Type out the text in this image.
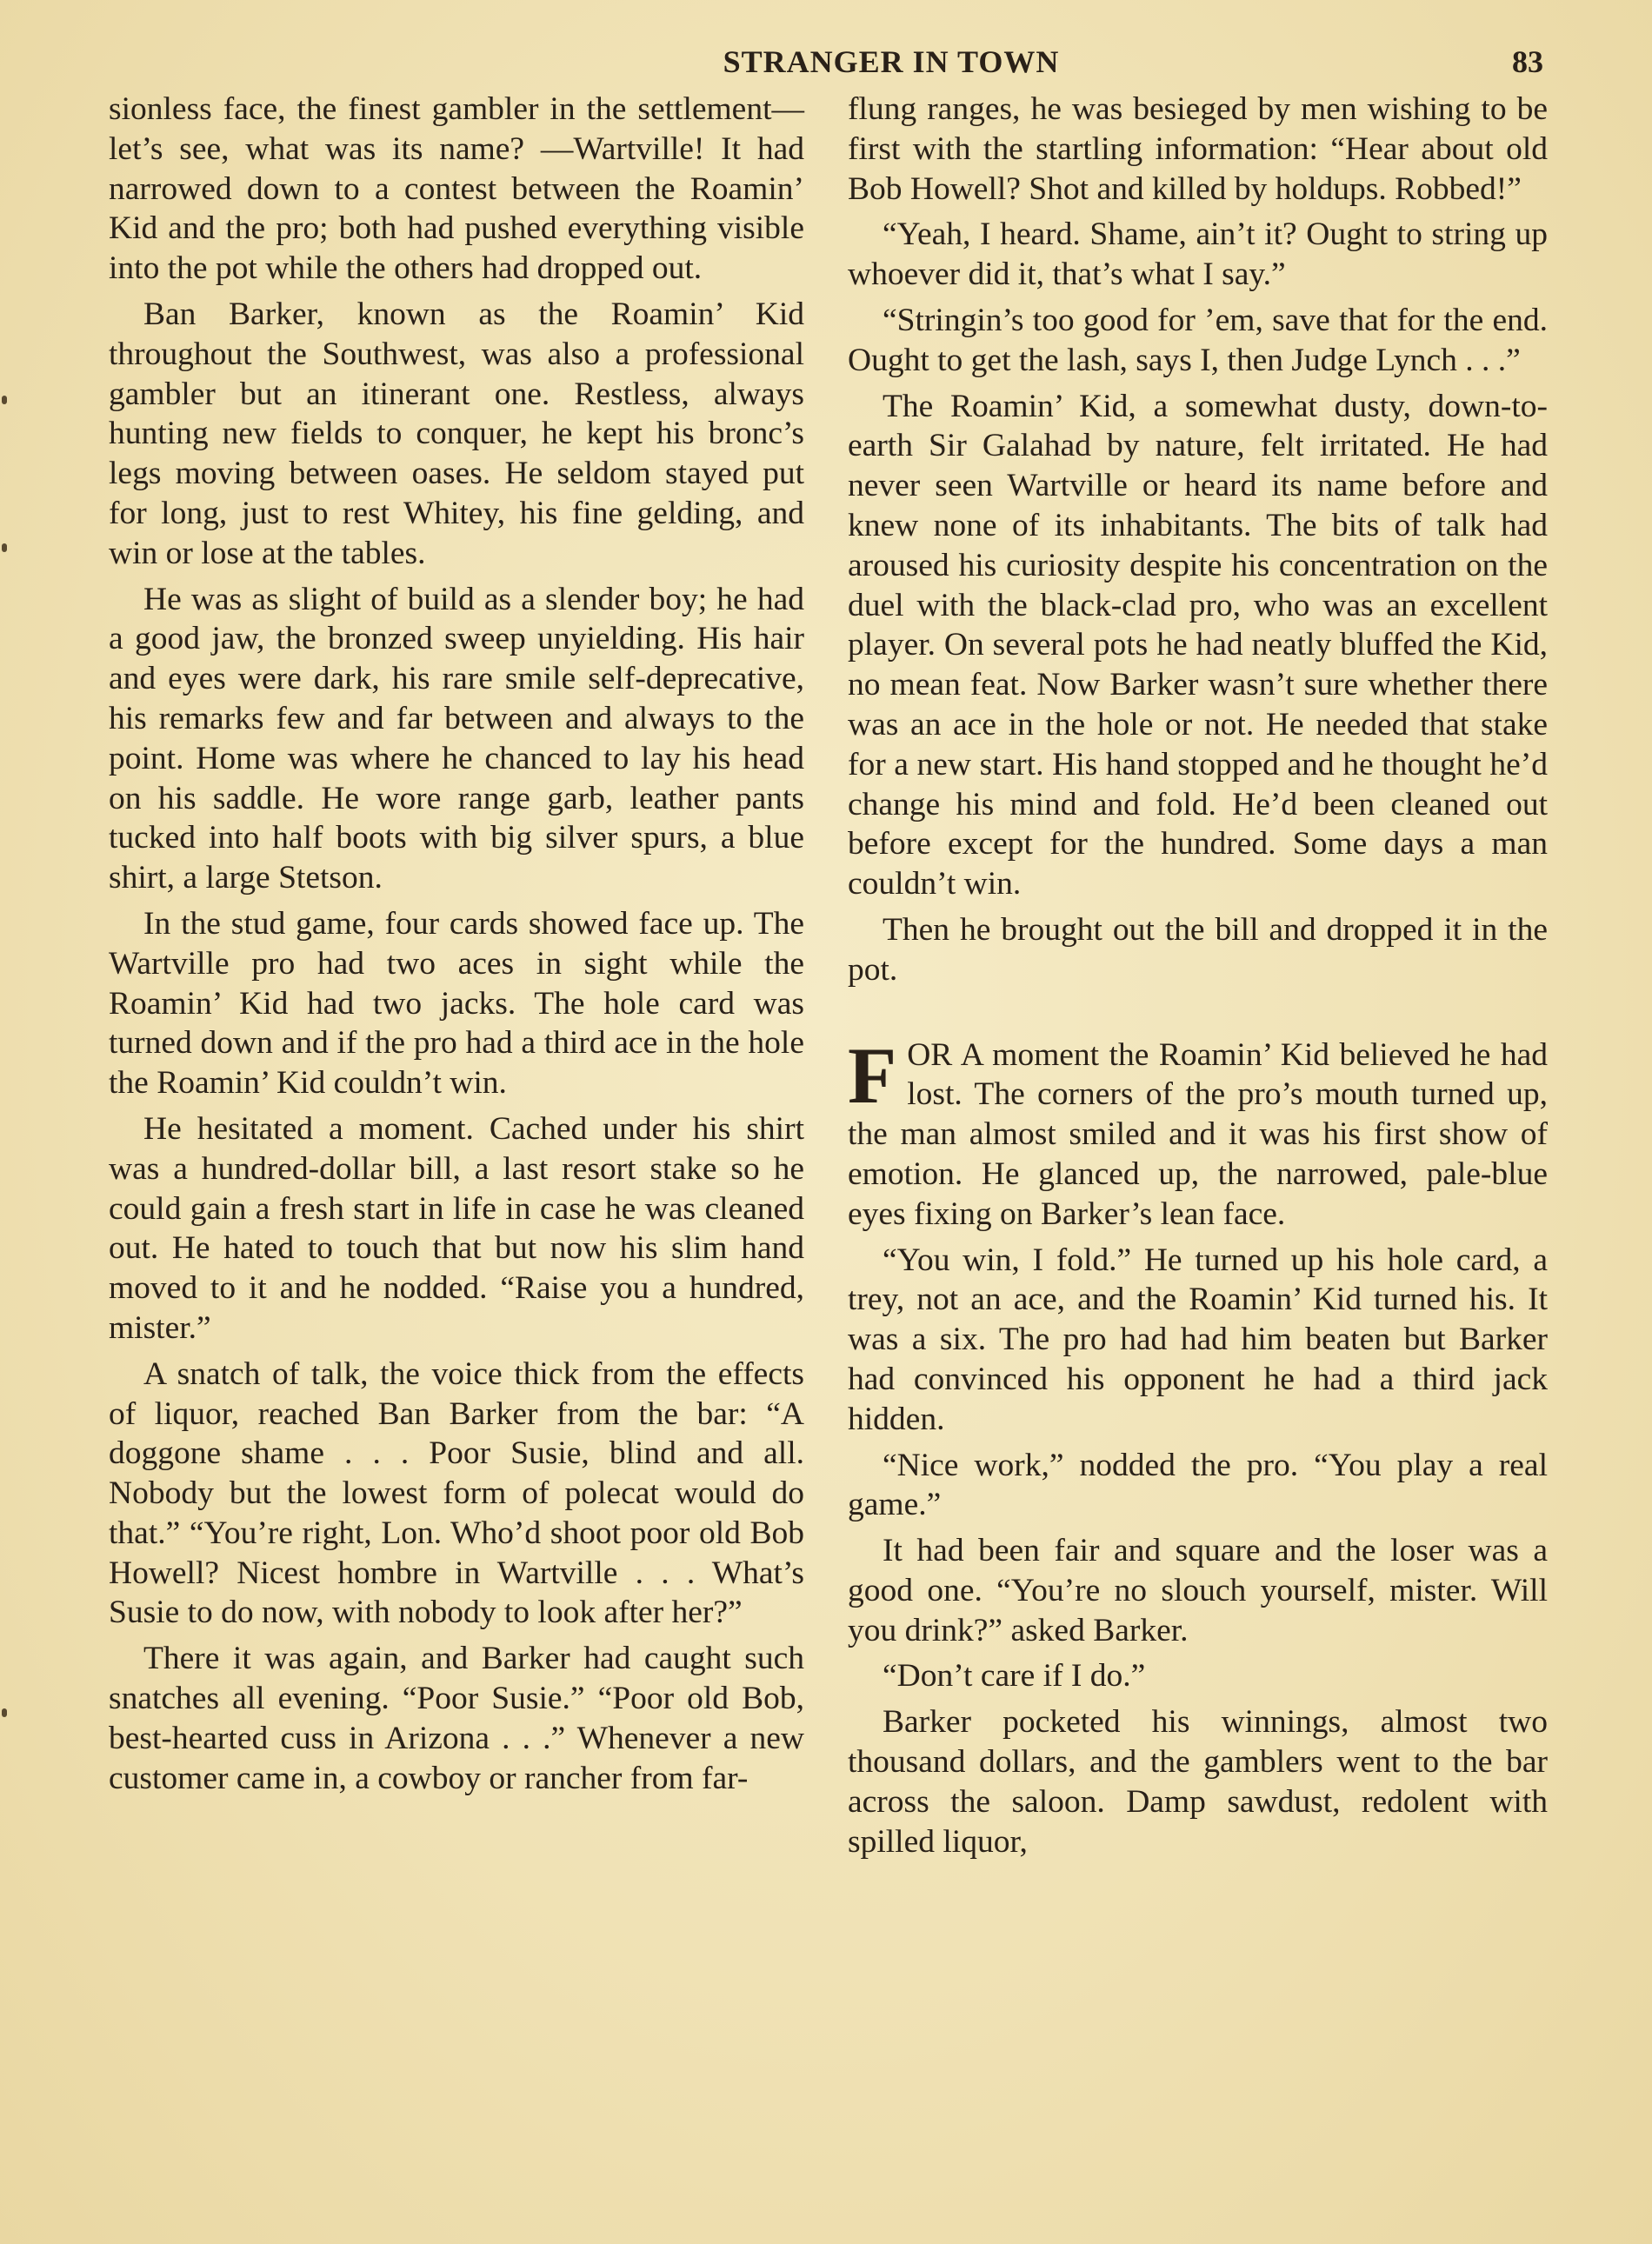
STRANGER IN TOWN	83

sionless face, the finest gambler in the settlement—let’s see, what was its name? —Wartville! It had narrowed down to a contest between the Roamin’ Kid and the pro; both had pushed everything visible into the pot while the others had dropped out.

Ban Barker, known as the Roamin’ Kid throughout the Southwest, was also a professional gambler but an itinerant one. Restless, always hunting new fields to conquer, he kept his bronc’s legs moving between oases. He seldom stayed put for long, just to rest Whitey, his fine gelding, and win or lose at the tables.

He was as slight of build as a slender boy; he had a good jaw, the bronzed sweep unyielding. His hair and eyes were dark, his rare smile self-deprecative, his remarks few and far between and always to the point. Home was where he chanced to lay his head on his saddle. He wore range garb, leather pants tucked into half boots with big silver spurs, a blue shirt, a large Stetson.

In the stud game, four cards showed face up. The Wartville pro had two aces in sight while the Roamin’ Kid had two jacks. The hole card was turned down and if the pro had a third ace in the hole the Roamin’ Kid couldn’t win.

He hesitated a moment. Cached under his shirt was a hundred-dollar bill, a last resort stake so he could gain a fresh start in life in case he was cleaned out. He hated to touch that but now his slim hand moved to it and he nodded. “Raise you a hundred, mister.”

A snatch of talk, the voice thick from the effects of liquor, reached Ban Barker from the bar: “A doggone shame . . . Poor Susie, blind and all. Nobody but the lowest form of polecat would do that.” “You’re right, Lon. Who’d shoot poor old Bob Howell? Nicest hombre in Wartville . . . What’s Susie to do now, with nobody to look after her?”

There it was again, and Barker had caught such snatches all evening. “Poor Susie.” “Poor old Bob, best-hearted cuss in Arizona . . .” Whenever a new customer came in, a cowboy or rancher from far-

flung ranges, he was besieged by men wishing to be first with the startling information: “Hear about old Bob Howell? Shot and killed by holdups. Robbed!”

“Yeah, I heard. Shame, ain’t it? Ought to string up whoever did it, that’s what I say.”

“Stringin’s too good for ’em, save that for the end. Ought to get the lash, says I, then Judge Lynch . . .”

The Roamin’ Kid, a somewhat dusty, down-to-earth Sir Galahad by nature, felt irritated. He had never seen Wartville or heard its name before and knew none of its inhabitants. The bits of talk had aroused his curiosity despite his concentration on the duel with the black-clad pro, who was an excellent player. On several pots he had neatly bluffed the Kid, no mean feat. Now Barker wasn’t sure whether there was an ace in the hole or not. He needed that stake for a new start. His hand stopped and he thought he’d change his mind and fold. He’d been cleaned out before except for the hundred. Some days a man couldn’t win.

Then he brought out the bill and dropped it in the pot.

FOR A moment the Roamin’ Kid believed he had lost. The corners of the pro’s mouth turned up, the man almost smiled and it was his first show of emotion. He glanced up, the narrowed, pale-blue eyes fixing on Barker’s lean face.

“You win, I fold.” He turned up his hole card, a trey, not an ace, and the Roamin’ Kid turned his. It was a six. The pro had had him beaten but Barker had convinced his opponent he had a third jack hidden.

“Nice work,” nodded the pro. “You play a real game.”

It had been fair and square and the loser was a good one. “You’re no slouch yourself, mister. Will you drink?” asked Barker.

“Don’t care if I do.”

Barker pocketed his winnings, almost two thousand dollars, and the gamblers went to the bar across the saloon. Damp sawdust, redolent with spilled liquor,
